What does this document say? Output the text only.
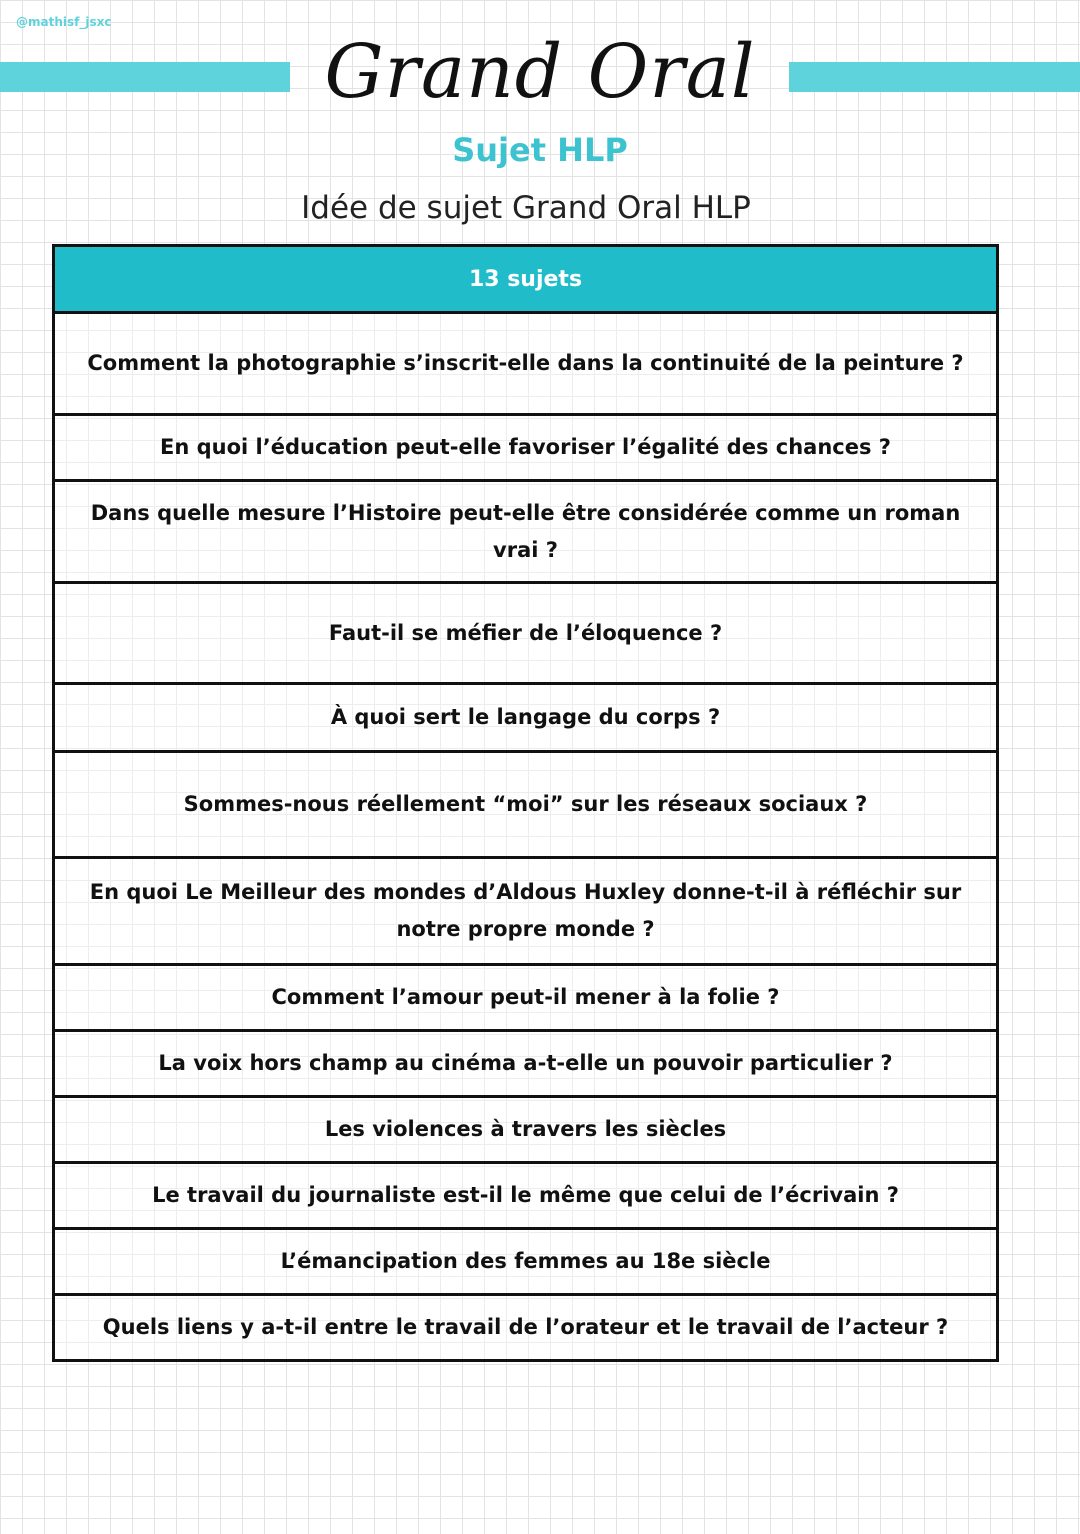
@mathisf_jsxc
Grand Oral
Sujet HLP
Idée de sujet Grand Oral HLP
13 sujets
Comment la photographie s’inscrit-elle dans la continuité de la peinture ?
En quoi l’éducation peut-elle favoriser l’égalité des chances ?
Dans quelle mesure l’Histoire peut-elle être considérée comme un roman vrai ?
Faut-il se méfier de l’éloquence ?
À quoi sert le langage du corps ?
Sommes-nous réellement “moi” sur les réseaux sociaux ?
En quoi Le Meilleur des mondes d’Aldous Huxley donne-t-il à réfléchir sur notre propre monde ?
Comment l’amour peut-il mener à la folie ?
La voix hors champ au cinéma a-t-elle un pouvoir particulier ?
Les violences à travers les siècles
Le travail du journaliste est-il le même que celui de l’écrivain ?
L’émancipation des femmes au 18e siècle
Quels liens y a-t-il entre le travail de l’orateur et le travail de l’acteur ?
